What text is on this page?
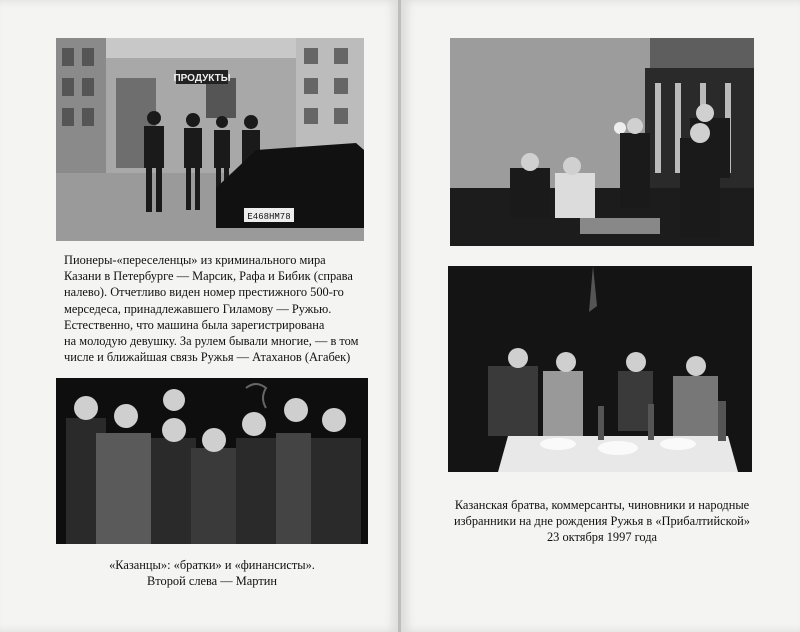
ПРОДУКТЫ
Е468НМ78
Пионеры-«переселенцы» из криминального мира
Казани в Петербурге — Марсик, Рафа и Бибик (справа
налево). Отчетливо виден номер престижного 500-го
мерседеса, принадлежавшего Гиламову — Ружью.
Естественно, что машина была зарегистрирована
на молодую девушку. За рулем бывали многие, — в том
числе и ближайшая связь Ружья — Атаханов (Агабек)
«Казанцы»: «братки» и «финансисты».
Второй слева — Мартин
Казанская братва, коммерсанты, чиновники и народные
избранники на дне рождения Ружья в «Прибалтийской»
23 октября 1997 года
